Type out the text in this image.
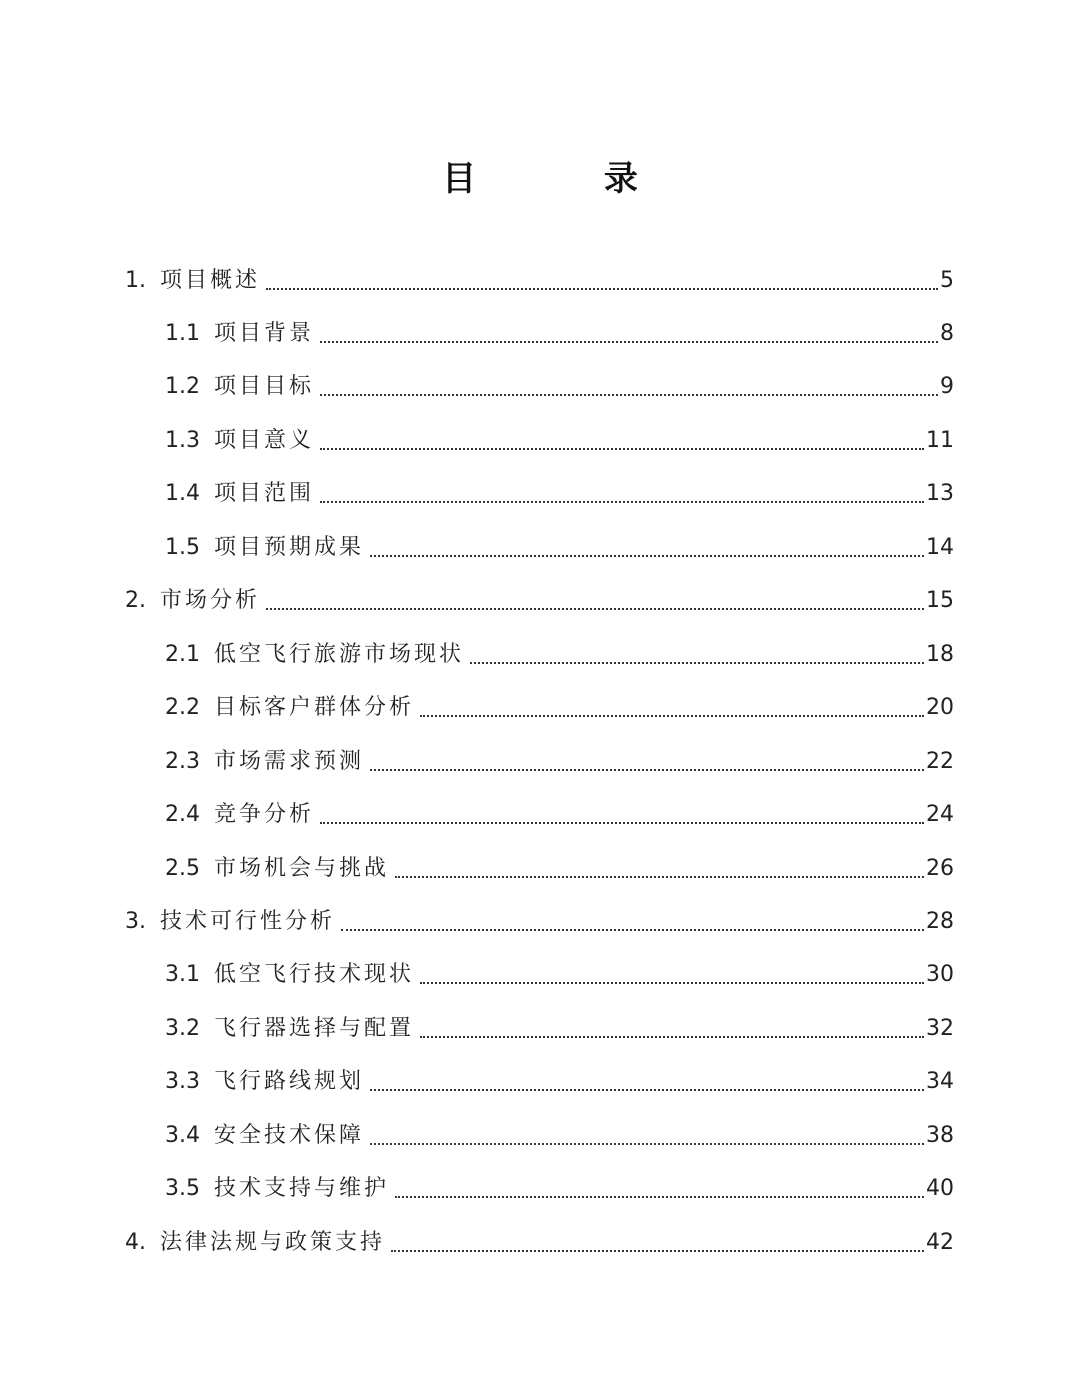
目 录
1. 项目概述	5
1.1 项目背景	8
1.2 项目目标	9
1.3 项目意义	11
1.4 项目范围	13
1.5 项目预期成果	14
2. 市场分析	15
2.1 低空飞行旅游市场现状	18
2.2 目标客户群体分析	20
2.3 市场需求预测	22
2.4 竞争分析	24
2.5 市场机会与挑战	26
3. 技术可行性分析	28
3.1 低空飞行技术现状	30
3.2 飞行器选择与配置	32
3.3 飞行路线规划	34
3.4 安全技术保障	38
3.5 技术支持与维护	40
4. 法律法规与政策支持	42
